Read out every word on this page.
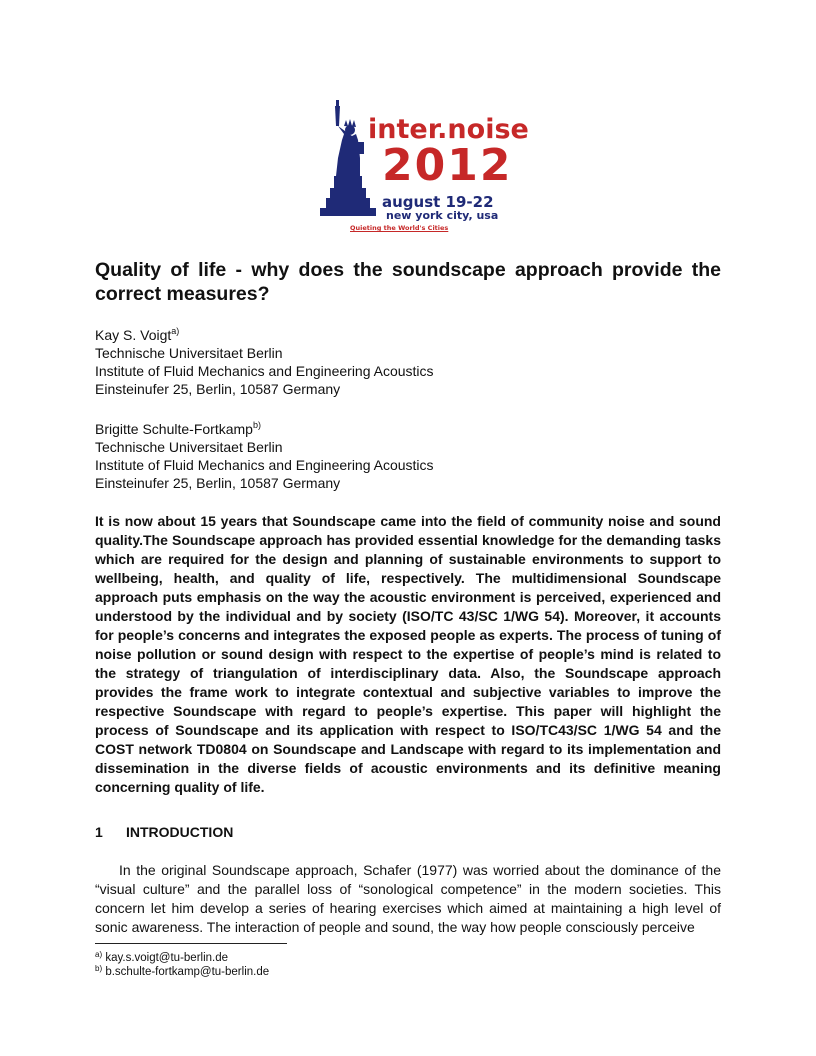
inter.noise
2012
august 19-22
new york city, usa
Quieting the World's Cities
Quality of life - why does the soundscape approach provide the correct measures?
Kay S. Voigt$^{a)}$
Technische Universitaet Berlin
Institute of Fluid Mechanics and Engineering Acoustics
Einsteinufer 25, Berlin, 10587 Germany
Brigitte Schulte-Fortkamp$^{b)}$
Technische Universitaet Berlin
Institute of Fluid Mechanics and Engineering Acoustics
Einsteinufer 25, Berlin, 10587 Germany
It is now about 15 years that Soundscape came into the field of community noise and sound quality.The Soundscape approach has provided essential knowledge for the demanding tasks which are required for the design and planning of sustainable environments to support to wellbeing, health, and quality of life, respectively. The multidimensional Soundscape approach puts emphasis on the way the acoustic environment is perceived, experienced and understood by the individual and by society (ISO/TC 43/SC 1/WG 54). Moreover, it accounts for people’s concerns and integrates the exposed people as experts. The process of tuning of noise pollution or sound design with respect to the expertise of people’s mind is related to the strategy of triangulation of interdisciplinary data. Also, the Soundscape approach provides the frame work to integrate contextual and subjective variables to improve the respective Soundscape with regard to people’s expertise. This paper will highlight the process of Soundscape and its application with respect to ISO/TC43/SC 1/WG 54 and the COST network TD0804 on Soundscape and Landscape with regard to its implementation and dissemination in the diverse fields of acoustic environments and its definitive meaning concerning quality of life.
1 INTRODUCTION
In the original Soundscape approach, Schafer (1977) was worried about the dominance of the “visual culture” and the parallel loss of “sonological competence” in the modern societies. This concern let him develop a series of hearing exercises which aimed at maintaining a high level of sonic awareness. The interaction of people and sound, the way how people consciously perceive
$^{a)}$ kay.s.voigt@tu-berlin.de
$^{b)}$ b.schulte-fortkamp@tu-berlin.de
